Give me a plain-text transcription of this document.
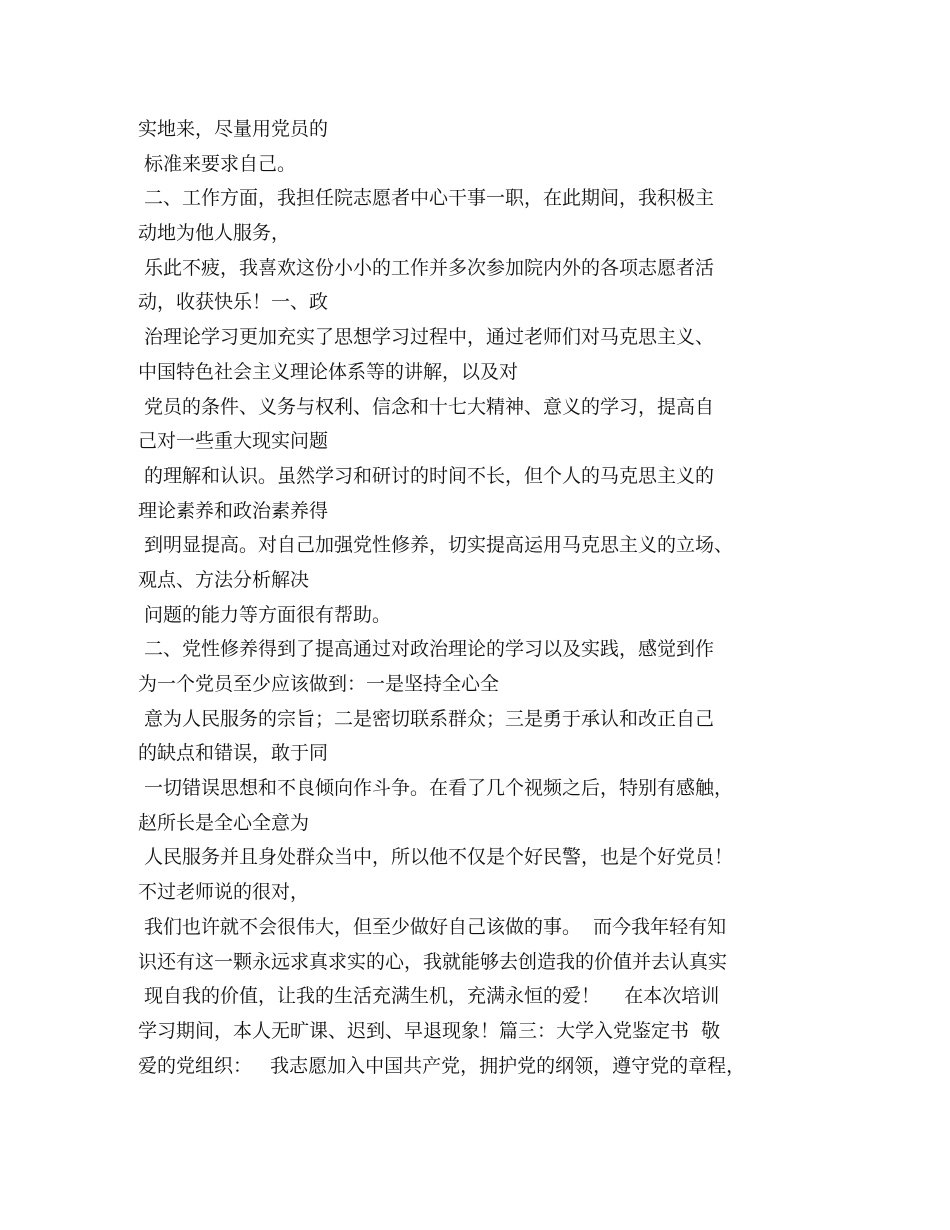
实地来，尽量用党员的
标准来要求自己。
二、工作方面，我担任院志愿者中心干事一职，在此期间，我积极主
动地为他人服务，
乐此不疲，我喜欢这份小小的工作并多次参加院内外的各项志愿者活
动，收获快乐！一、政
治理论学习更加充实了思想学习过程中，通过老师们对马克思主义、
中国特色社会主义理论体系等的讲解，以及对
党员的条件、义务与权利、信念和十七大精神、意义的学习，提高自
己对一些重大现实问题
的理解和认识。虽然学习和研讨的时间不长，但个人的马克思主义的
理论素养和政治素养得
到明显提高。对自己加强党性修养，切实提高运用马克思主义的立场、
观点、方法分析解决
问题的能力等方面很有帮助。
二、党性修养得到了提高通过对政治理论的学习以及实践，感觉到作
为一个党员至少应该做到：一是坚持全心全
意为人民服务的宗旨；二是密切联系群众；三是勇于承认和改正自己
的缺点和错误，敢于同
一切错误思想和不良倾向作斗争。在看了几个视频之后，特别有感触，
赵所长是全心全意为
人民服务并且身处群众当中，所以他不仅是个好民警，也是个好党员！
不过老师说的很对，
我们也许就不会很伟大，但至少做好自己该做的事。  而今我年轻有知
识还有这一颗永远求真求实的心，我就能够去创造我的价值并去认真实
现自我的价值，让我的生活充满生机，充满永恒的爱！    在本次培训
学习期间，本人无旷课、迟到、早退现象！篇三：大学入党鉴定书  敬
爱的党组织：   我志愿加入中国共产党，拥护党的纲领，遵守党的章程，
